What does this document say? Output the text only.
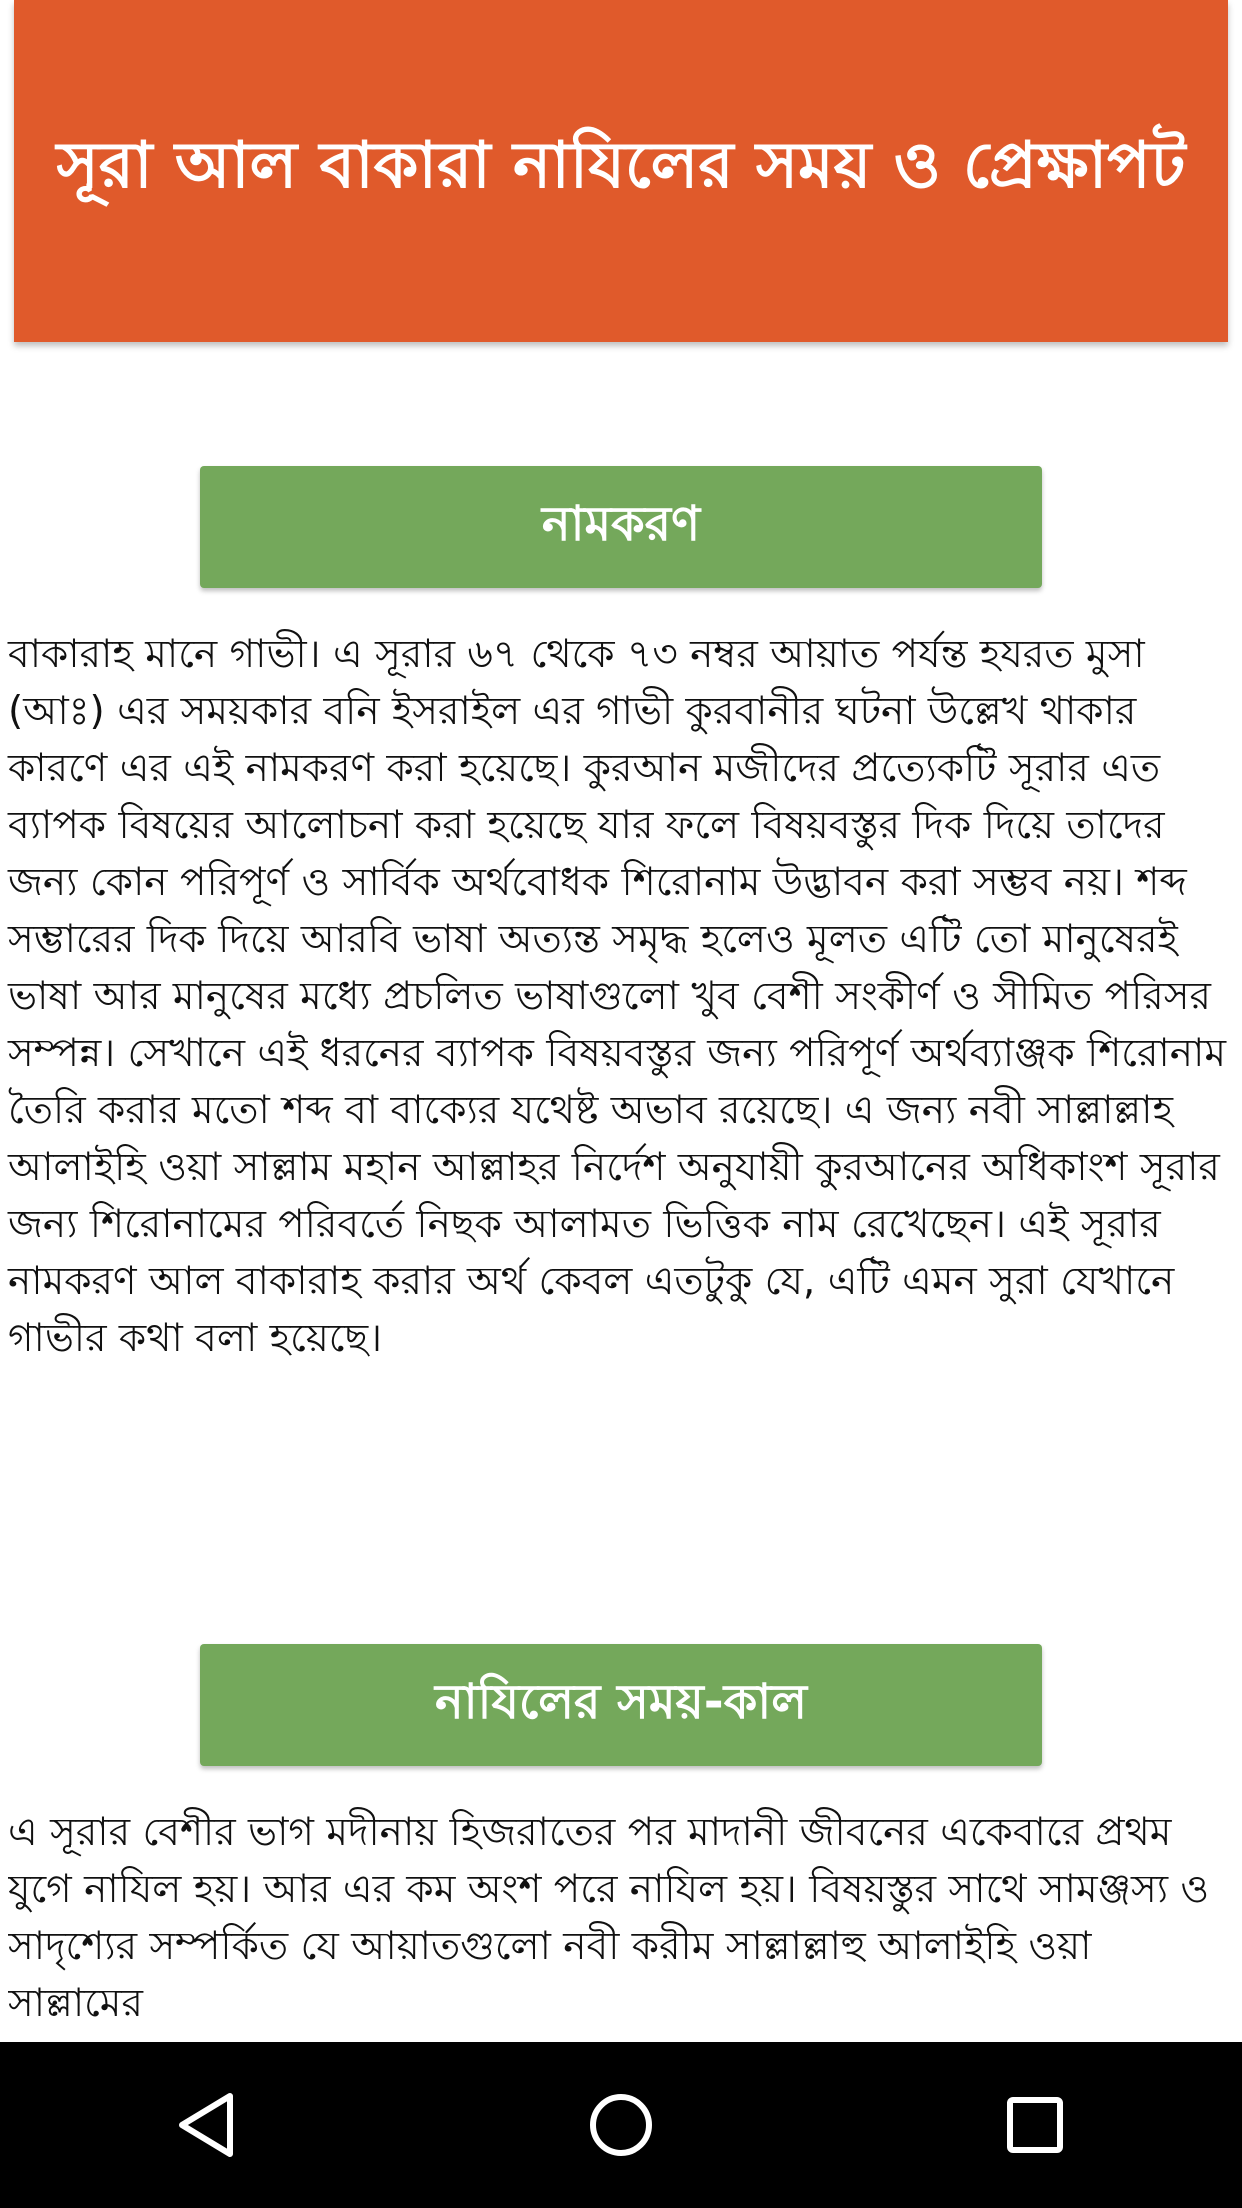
সূরা আল বাকারা নাযিলের সময় ও প্রেক্ষাপট
নামকরণ

বাকারাহ মানে গাভী। এ সূরার ৬৭ থেকে ৭৩ নম্বর আয়াত পর্যন্ত হযরত মুসা (আঃ) এর সময়কার বনি ইসরাইল এর গাভী কুরবানীর ঘটনা উল্লেখ থাকার কারণে এর এই নামকরণ করা হয়েছে। কুরআন মজীদের প্রত্যেকটি সূরার এত ব্যাপক বিষয়ের আলোচনা করা হয়েছে যার ফলে বিষয়বস্তুর দিক দিয়ে তাদের জন্য কোন পরিপূর্ণ ও সার্বিক অর্থবোধক শিরোনাম উদ্ভাবন করা সম্ভব নয়। শব্দ সম্ভারের দিক দিয়ে আরবি ভাষা অত্যন্ত সমৃদ্ধ হলেও মূলত এটি তো মানুষেরই ভাষা আর মানুষের মধ্যে প্রচলিত ভাষাগুলো খুব বেশী সংকীর্ণ ও সীমিত পরিসর সম্পন্ন। সেখানে এই ধরনের ব্যাপক বিষয়বস্তুর জন্য পরিপূর্ণ অর্থব্যাঞ্জক শিরোনাম তৈরি করার মতো শব্দ বা বাক্যের যথেষ্ট অভাব রয়েছে। এ জন্য নবী সাল্লাল্লাহ আলাইহি ওয়া সাল্লাম মহান আল্লাহর নির্দেশ অনুযায়ী কুরআনের অধিকাংশ সূরার জন্য শিরোনামের পরিবর্তে নিছক আলামত ভিত্তিক নাম রেখেছেন। এই সূরার নামকরণ আল বাকারাহ করার অর্থ কেবল এতটুকু যে, এটি এমন সুরা যেখানে গাভীর কথা বলা হয়েছে।

নাযিলের সময়-কাল

এ সূরার বেশীর ভাগ মদীনায় হিজরাতের পর মাদানী জীবনের একেবারে প্রথম যুগে নাযিল হয়। আর এর কম অংশ পরে নাযিল হয়। বিষয়স্তুর সাথে সামঞ্জস্য ও সাদৃশ্যের সম্পর্কিত যে আয়াতগুলো নবী করীম সাল্লাল্লাহু আলাইহি ওয়া সাল্লামের
